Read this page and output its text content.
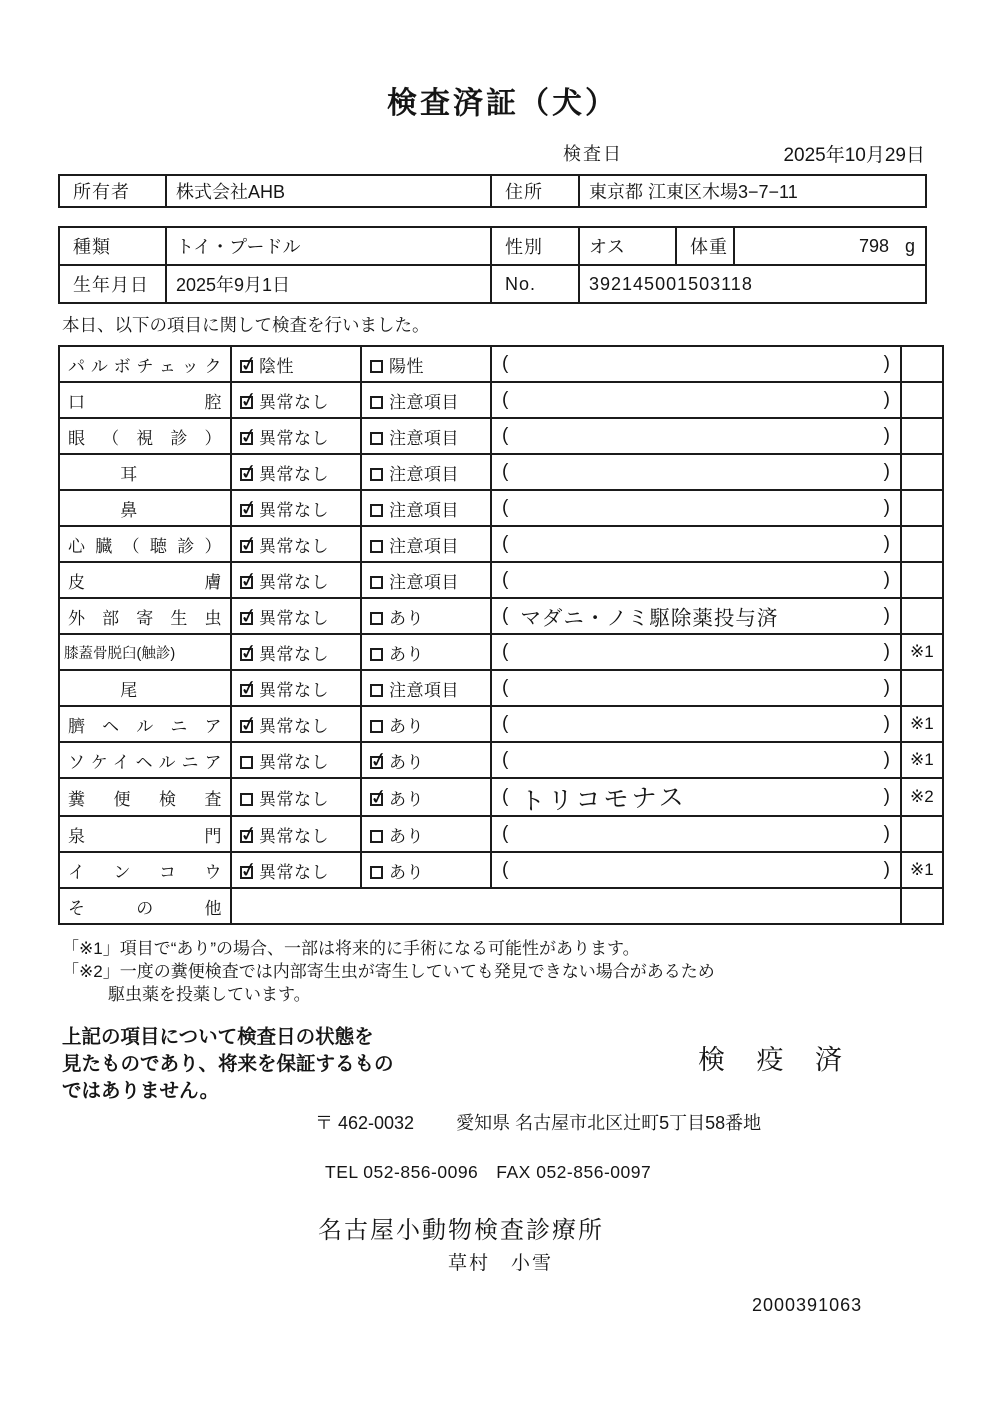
検査済証（犬）
検査日	2025年10月29日
所有者	株式会社AHB	住所	東京都 江東区木場3−7−11
種類	トイ・プードル	性別	オス	体重	798 g
生年月日	2025年9月1日	No.	392145001503118		
本日、以下の項目に関して検査を行いました。
パルボチェック	✓陰性	陽性	( )	

口腔	✓異常なし	注意項目	( )	

眼（視診）	✓異常なし	注意項目	( )	

耳	✓異常なし	注意項目	( )	

鼻	✓異常なし	注意項目	( )	

心臓（聴診）	✓異常なし	注意項目	( )	

皮膚	✓異常なし	注意項目	( )	

外部寄生虫	✓異常なし	あり	( マダニ・ノミ駆除薬投与済 )	

膝蓋骨脱臼(触診)	✓異常なし	あり	( )	※1
尾	✓異常なし	注意項目	( )	

臍ヘルニア	✓異常なし	あり	( )	※1
ソケイヘルニア	異常なし	✓あり	( )	※1
糞便検査	異常なし	✓あり	( トリコモナス )	※2
泉門	✓異常なし	あり	( )	

インコウ	✓異常なし	あり	( )	※1
その他				
「※1」項目で“あり”の場合、一部は将来的に手術になる可能性があります。
「※2」一度の糞便検査では内部寄生虫が寄生していても発見できない場合があるため
駆虫薬を投薬しています。
上記の項目について検査日の状態を
見たものであり、将来を保証するもの
ではありません。
検 疫 済
〒 462-0032 愛知県 名古屋市北区辻町5丁目58番地
TEL 052-856-0096　FAX 052-856-0097
名古屋小動物検査診療所
草村　小雪
2000391063
